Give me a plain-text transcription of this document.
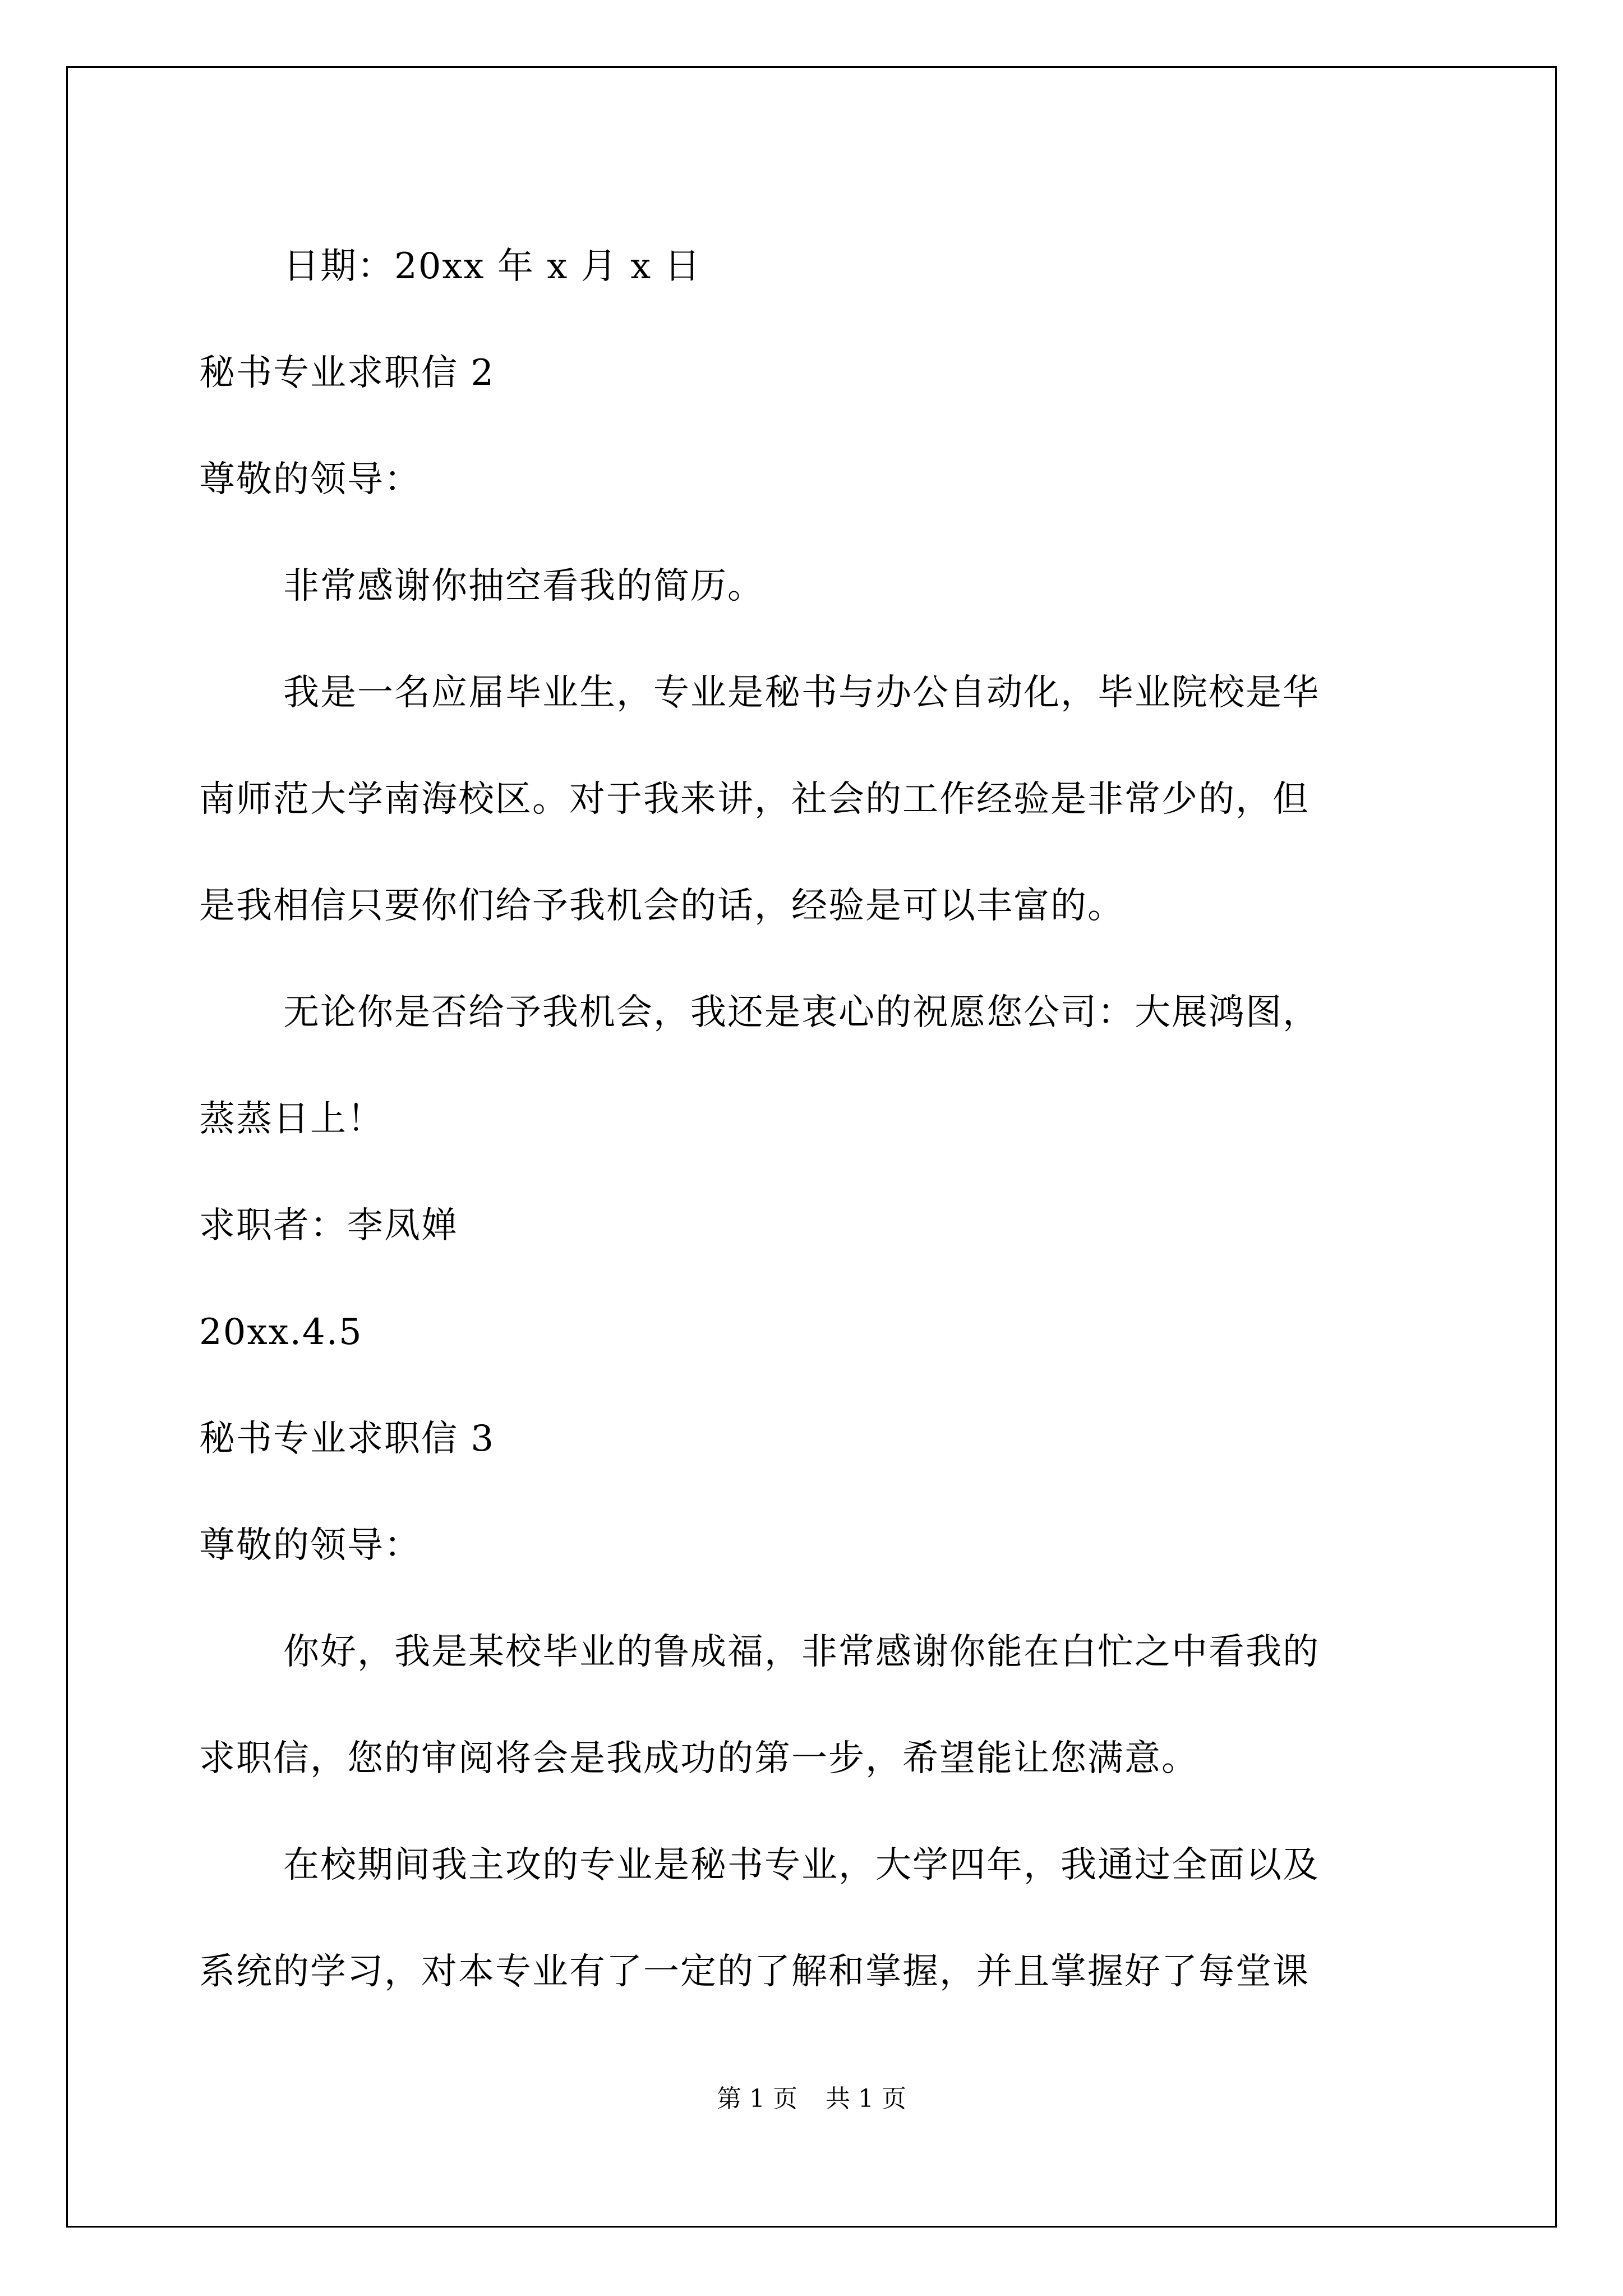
日期：20xx 年 x 月 x 日
秘书专业求职信 2
尊敬的领导：
非常感谢你抽空看我的简历。
我是一名应届毕业生，专业是秘书与办公自动化，毕业院校是华
南师范大学南海校区。对于我来讲，社会的工作经验是非常少的，但
是我相信只要你们给予我机会的话，经验是可以丰富的。
无论你是否给予我机会，我还是衷心的祝愿您公司：大展鸿图，
蒸蒸日上！
求职者：李凤婵
20xx.4.5
秘书专业求职信 3
尊敬的领导：
你好，我是某校毕业的鲁成福，非常感谢你能在白忙之中看我的
求职信，您的审阅将会是我成功的第一步，希望能让您满意。
在校期间我主攻的专业是秘书专业，大学四年，我通过全面以及
系统的学习，对本专业有了一定的了解和掌握，并且掌握好了每堂课
第 1 页 共 1 页
